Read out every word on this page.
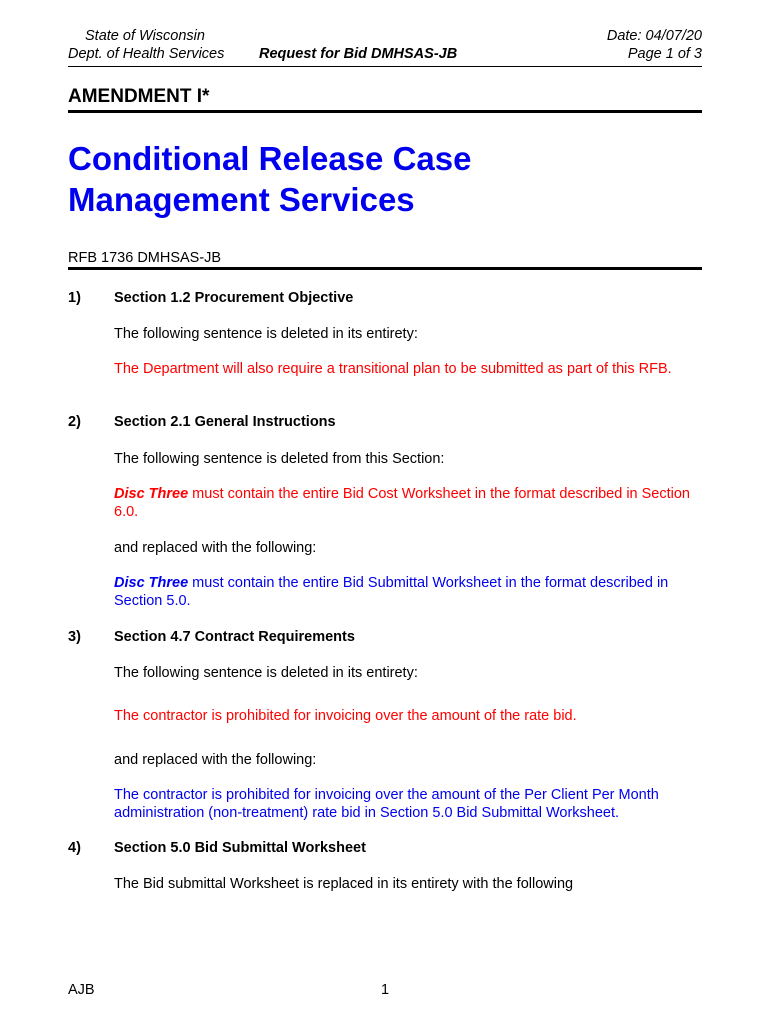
State of Wisconsin
Dept. of Health Services Request for Bid DMHSAS-JB
Date: 04/07/20
Page 1 of 3
AMENDMENT I*
Conditional Release Case
Management Services
RFB 1736 DMHSAS-JB
1) Section 1.2 Procurement Objective
The following sentence is deleted in its entirety:
The Department will also require a transitional plan to be submitted as part of this RFB.
2) Section 2.1 General Instructions
The following sentence is deleted from this Section:
Disc Three must contain the entire Bid Cost Worksheet in the format described in Section 6.0.
and replaced with the following:
Disc Three must contain the entire Bid Submittal Worksheet in the format described in Section 5.0.
3) Section 4.7 Contract Requirements
The following sentence is deleted in its entirety:
The contractor is prohibited for invoicing over the amount of the rate bid.
and replaced with the following:
The contractor is prohibited for invoicing over the amount of the Per Client Per Month administration (non-treatment) rate bid in Section 5.0 Bid Submittal Worksheet.
4) Section 5.0 Bid Submittal Worksheet
The Bid submittal Worksheet is replaced in its entirety with the following
AJB	1
